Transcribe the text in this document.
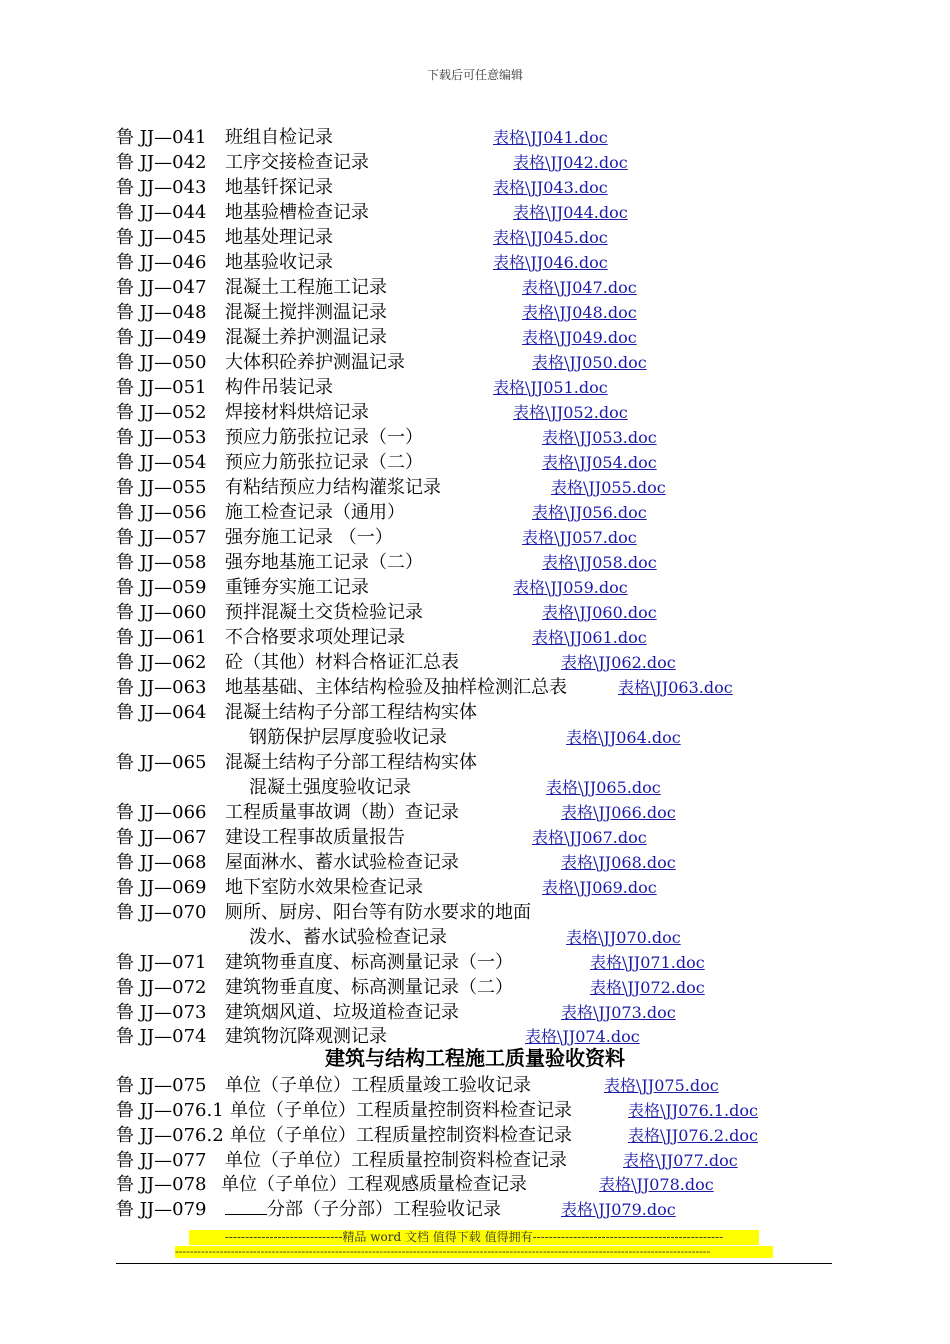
下载后可任意编辑
鲁 JJ—041 班组自检记录	表格\JJ041.doc
鲁 JJ—042 工序交接检查记录	表格\JJ042.doc
鲁 JJ—043 地基钎探记录	表格\JJ043.doc
鲁 JJ—044 地基验槽检查记录	表格\JJ044.doc
鲁 JJ—045 地基处理记录	表格\JJ045.doc
鲁 JJ—046 地基验收记录	表格\JJ046.doc
鲁 JJ—047 混凝土工程施工记录	表格\JJ047.doc
鲁 JJ—048 混凝土搅拌测温记录	表格\JJ048.doc
鲁 JJ—049 混凝土养护测温记录	表格\JJ049.doc
鲁 JJ—050 大体积砼养护测温记录	表格\JJ050.doc
鲁 JJ—051 构件吊装记录	表格\JJ051.doc
鲁 JJ—052 焊接材料烘焙记录	表格\JJ052.doc
鲁 JJ—053 预应力筋张拉记录（一）	表格\JJ053.doc
鲁 JJ—054 预应力筋张拉记录（二）	表格\JJ054.doc
鲁 JJ—055 有粘结预应力结构灌浆记录	表格\JJ055.doc
鲁 JJ—056 施工检查记录（通用）	表格\JJ056.doc
鲁 JJ—057 强夯施工记录 （一）	表格\JJ057.doc
鲁 JJ—058 强夯地基施工记录（二）	表格\JJ058.doc
鲁 JJ—059 重锤夯实施工记录	表格\JJ059.doc
鲁 JJ—060 预拌混凝土交货检验记录	表格\JJ060.doc
鲁 JJ—061 不合格要求项处理记录	表格\JJ061.doc
鲁 JJ—062 砼（其他）材料合格证汇总表	表格\JJ062.doc
鲁 JJ—063 地基基础、主体结构检验及抽样检测汇总表	表格\JJ063.doc
鲁 JJ—064 混凝土结构子分部工程结构实体
钢筋保护层厚度验收记录	表格\JJ064.doc
鲁 JJ—065 混凝土结构子分部工程结构实体
混凝土强度验收记录	表格\JJ065.doc
鲁 JJ—066 工程质量事故调（勘）查记录	表格\JJ066.doc
鲁 JJ—067 建设工程事故质量报告	表格\JJ067.doc
鲁 JJ—068 屋面淋水、蓄水试验检查记录	表格\JJ068.doc
鲁 JJ—069 地下室防水效果检查记录	表格\JJ069.doc
鲁 JJ—070 厕所、厨房、阳台等有防水要求的地面
泼水、蓄水试验检查记录	表格\JJ070.doc
鲁 JJ—071 建筑物垂直度、标高测量记录（一）	表格\JJ071.doc
鲁 JJ—072 建筑物垂直度、标高测量记录（二）	表格\JJ072.doc
鲁 JJ—073 建筑烟风道、垃圾道检查记录	表格\JJ073.doc
鲁 JJ—074 建筑物沉降观测记录	表格\JJ074.doc
建筑与结构工程施工质量验收资料
鲁 JJ—075 单位（子单位）工程质量竣工验收记录	表格\JJ075.doc
鲁 JJ—076.1 单位（子单位）工程质量控制资料检查记录	表格\JJ076.1.doc
鲁 JJ—076.2 单位（子单位）工程质量控制资料检查记录	表格\JJ076.2.doc
鲁 JJ—077 单位（子单位）工程质量控制资料检查记录	表格\JJ077.doc
鲁 JJ—078 单位（子单位）工程观感质量检查记录	表格\JJ078.doc
鲁 JJ—079	分部（子分部）工程验收记录	表格\JJ079.doc
-----------------------------精品 word 文档 值得下载 值得拥有-----------------------------------------------
------------------------------------------------------------------------------------------------------------------------------------------------
